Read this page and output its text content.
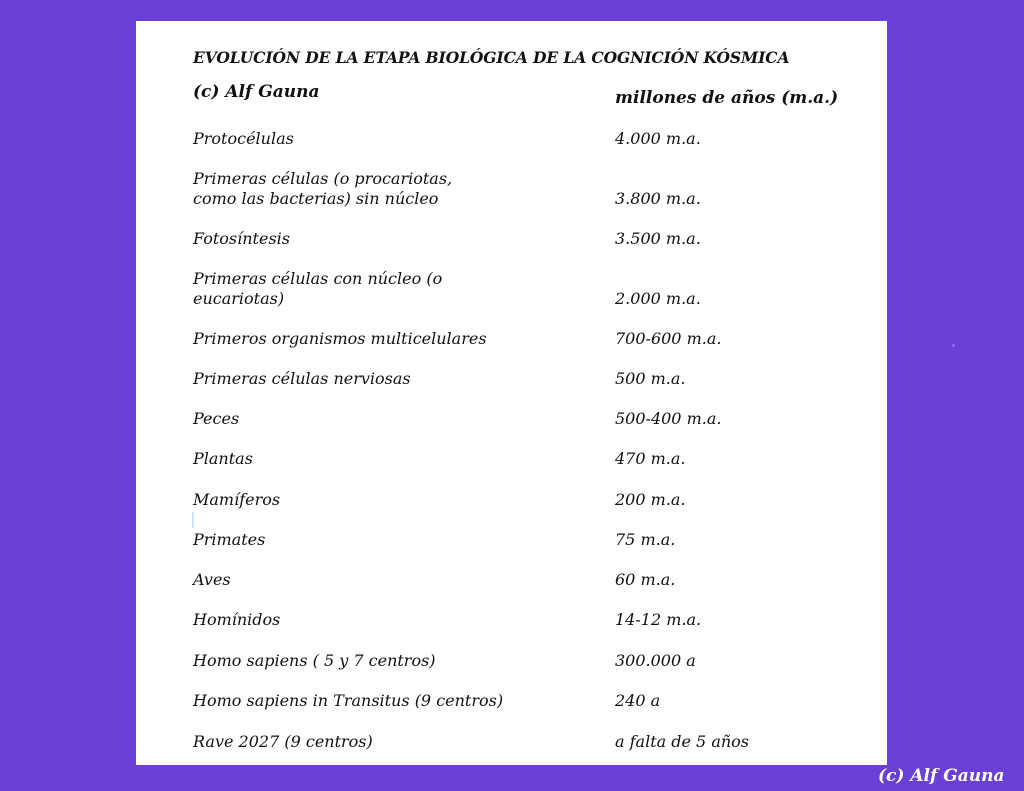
EVOLUCIÓN DE LA ETAPA BIOLÓGICA DE LA COGNICIÓN KÓSMICA
(c) Alf Gauna	millones de años (m.a.)
Protocélulas	4.000 m.a.
Primeras células (o procariotas,
como las bacterias) sin núcleo	3.800 m.a.
Fotosíntesis	3.500 m.a.
Primeras células con núcleo (o
eucariotas)	2.000 m.a.
Primeros organismos multicelulares	700-600 m.a.
Primeras células nerviosas	500 m.a.
Peces	500-400 m.a.
Plantas	470 m.a.
Mamíferos	200 m.a.
Primates	75 m.a.
Aves	60 m.a.
Homínidos	14-12 m.a.
Homo sapiens ( 5 y 7 centros)	300.000 a
Homo sapiens in Transitus (9 centros)	240 a
Rave 2027 (9 centros)	a falta de 5 años
(c) Alf Gauna
